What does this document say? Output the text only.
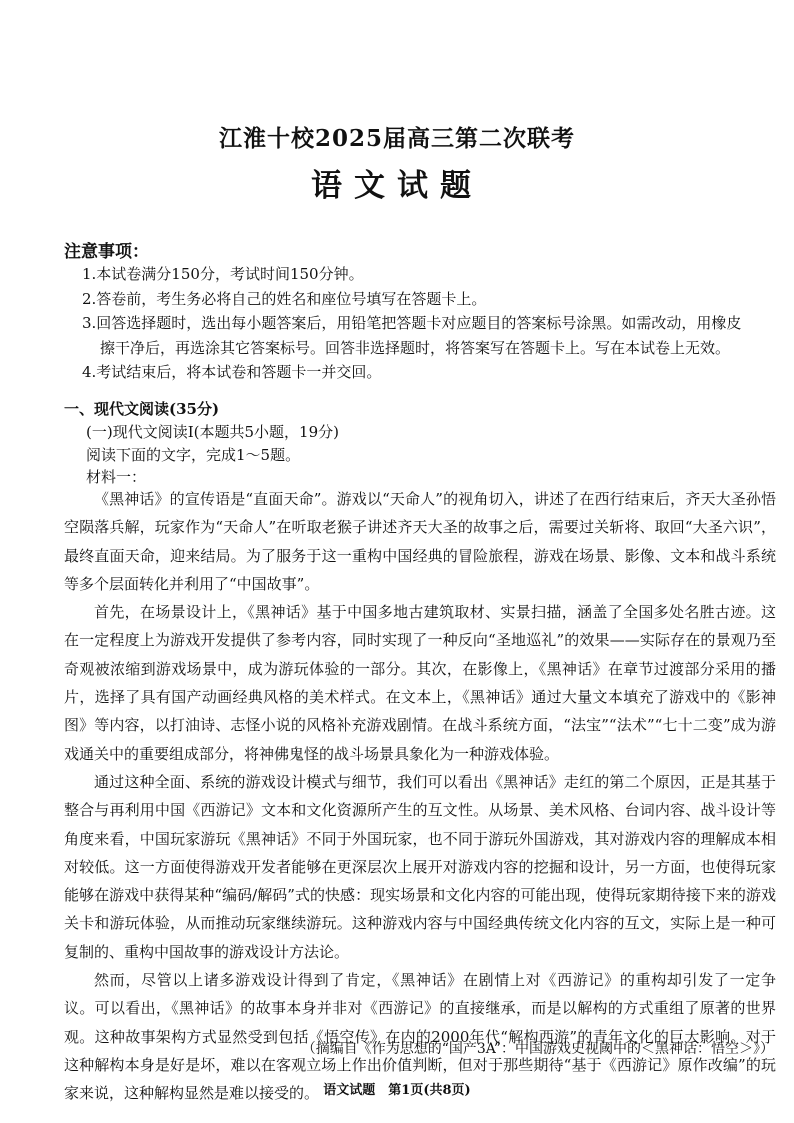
江淮十校2025届高三第二次联考
语文试题
注意事项：
1.本试卷满分150分，考试时间150分钟。
2.答卷前，考生务必将自己的姓名和座位号填写在答题卡上。
3.回答选择题时，选出每小题答案后，用铅笔把答题卡对应题目的答案标号涂黑。如需改动，用橡皮擦干净后，再选涂其它答案标号。回答非选择题时，将答案写在答题卡上。写在本试卷上无效。
4.考试结束后，将本试卷和答题卡一并交回。
一、现代文阅读(35分)
(一)现代文阅读Ⅰ(本题共5小题，19分)
阅读下面的文字，完成1～5题。
材料一：

《黑神话》的宣传语是“直面天命”。游戏以“天命人”的视角切入，讲述了在西行结束后，齐天大圣孙悟空陨落兵解，玩家作为“天命人”在听取老猴子讲述齐天大圣的故事之后，需要过关斩将、取回“大圣六识”，最终直面天命，迎来结局。为了服务于这一重构中国经典的冒险旅程，游戏在场景、影像、文本和战斗系统等多个层面转化并利用了“中国故事”。

首先，在场景设计上，《黑神话》基于中国多地古建筑取材、实景扫描，涵盖了全国多处名胜古迹。这在一定程度上为游戏开发提供了参考内容，同时实现了一种反向“圣地巡礼”的效果——实际存在的景观乃至奇观被浓缩到游戏场景中，成为游玩体验的一部分。其次，在影像上，《黑神话》在章节过渡部分采用的播片，选择了具有国产动画经典风格的美术样式。在文本上，《黑神话》通过大量文本填充了游戏中的《影神图》等内容，以打油诗、志怪小说的风格补充游戏剧情。在战斗系统方面，“法宝”“法术”“七十二变”成为游戏通关中的重要组成部分，将神佛鬼怪的战斗场景具象化为一种游戏体验。

通过这种全面、系统的游戏设计模式与细节，我们可以看出《黑神话》走红的第二个原因，正是其基于整合与再利用中国《西游记》文本和文化资源所产生的互文性。从场景、美术风格、台词内容、战斗设计等角度来看，中国玩家游玩《黑神话》不同于外国玩家，也不同于游玩外国游戏，其对游戏内容的理解成本相对较低。这一方面使得游戏开发者能够在更深层次上展开对游戏内容的挖掘和设计，另一方面，也使得玩家能够在游戏中获得某种“编码/解码”式的快感：现实场景和文化内容的可能出现，使得玩家期待接下来的游戏关卡和游玩体验，从而推动玩家继续游玩。这种游戏内容与中国经典传统文化内容的互文，实际上是一种可复制的、重构中国故事的游戏设计方法论。

然而，尽管以上诸多游戏设计得到了肯定，《黑神话》在剧情上对《西游记》的重构却引发了一定争议。可以看出，《黑神话》的故事本身并非对《西游记》的直接继承，而是以解构的方式重组了原著的世界观。这种故事架构方式显然受到包括《悟空传》在内的2000年代“解构西游”的青年文化的巨大影响。对于这种解构本身是好是坏，难以在客观立场上作出价值判断，但对于那些期待“基于《西游记》原作改编”的玩家来说，这种解构显然是难以接受的。

（摘编自《作为思想的“国产3A”：中国游戏史视阈中的＜黑神话：悟空＞》）
语文试题　第1页(共8页)
